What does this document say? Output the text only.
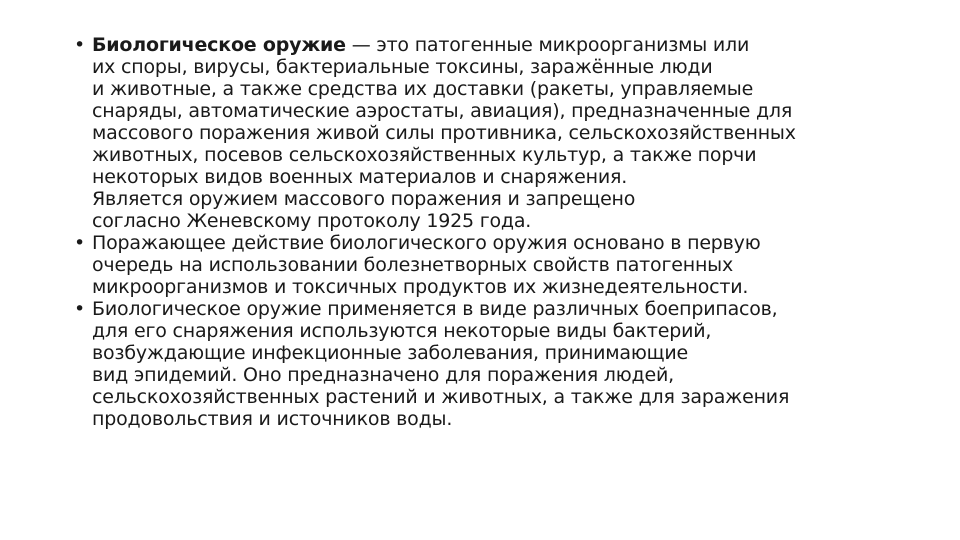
• Биологическое оружие — это патогенные микроорганизмы или
их споры, вирусы, бактериальные токсины, заражённые люди
и животные, а также средства их доставки (ракеты, управляемые
снаряды, автоматические аэростаты, авиация), предназначенные для
массового поражения живой силы противника, сельскохозяйственных
животных, посевов сельскохозяйственных культур, а также порчи
некоторых видов военных материалов и снаряжения.
Является оружием массового поражения и запрещено
согласно Женевскому протоколу 1925 года.
• Поражающее действие биологического оружия основано в первую
очередь на использовании болезнетворных свойств патогенных
микроорганизмов и токсичных продуктов их жизнедеятельности.
• Биологическое оружие применяется в виде различных боеприпасов,
для его снаряжения используются некоторые виды бактерий,
возбуждающие инфекционные заболевания, принимающие
вид эпидемий. Оно предназначено для поражения людей,
сельскохозяйственных растений и животных, а также для заражения
продовольствия и источников воды.
